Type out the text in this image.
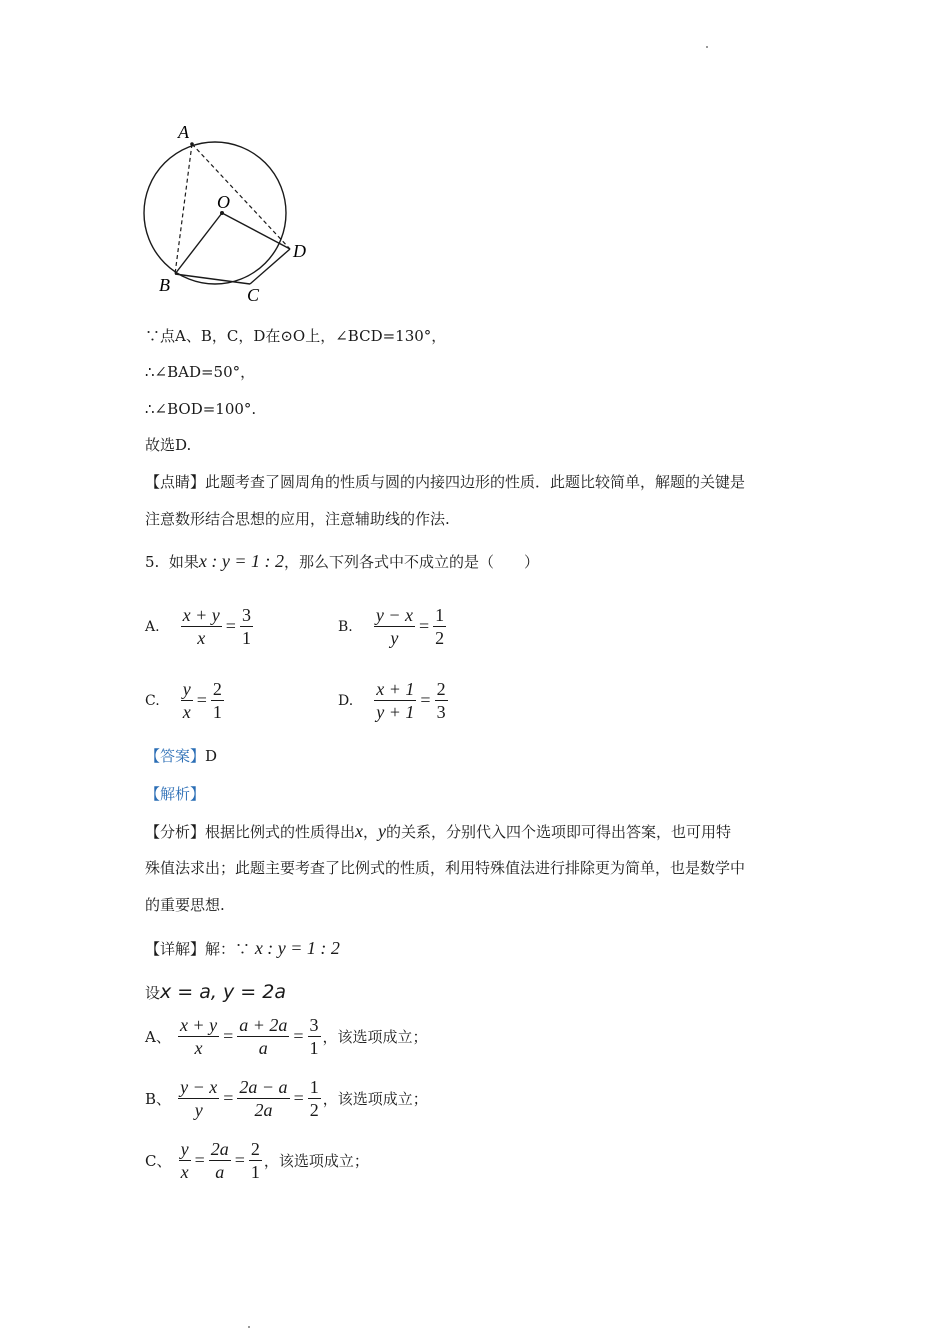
A
O
D
B	C
∵点A、B，C，D在⊙O上，∠BCD=130°，
∴∠BAD=50°，
∴∠BOD=100°.
故选D.
【点睛】此题考查了圆周角的性质与圆的内接四边形的性质．此题比较简单，解题的关键是
注意数形结合思想的应用，注意辅助线的作法.
5. 如果x : y = 1 : 2，那么下列各式中不成立的是（　　）
A. $\frac{x + y}{x} = \frac{3}{1}$	B. $\frac{y - x}{y} = \frac{1}{2}$
C. $\frac{y}{x} = \frac{2}{1}$	D. $\frac{x + 1}{y + 1} = \frac{2}{3}$
【答案】D
【解析】
【分析】根据比例式的性质得出x，y的关系，分别代入四个选项即可得出答案，也可用特
殊值法求出；此题主要考查了比例式的性质，利用特殊值法进行排除更为简单，也是数学中
的重要思想.
【详解】解：∵ x : y = 1 : 2
设x = a, y = 2a
A、 $\frac{x + y}{x} = \frac{a + 2a}{a} = \frac{3}{1}$ ，该选项成立；
B、 $\frac{y - x}{y} = \frac{2a - a}{2a} = \frac{1}{2}$ ，该选项成立；
C、 $\frac{y}{x} = \frac{2a}{a} = \frac{2}{1}$ ，该选项成立；
